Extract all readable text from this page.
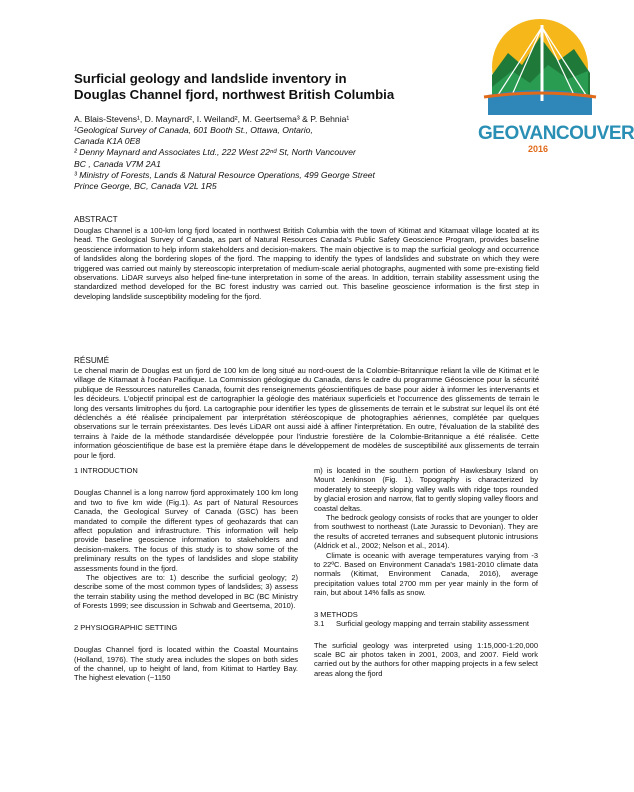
Surficial geology and landslide inventory in
Douglas Channel fjord, northwest British Columbia
A. Blais-Stevens¹, D. Maynard², I. Weiland², M. Geertsema³ & P. Behnia¹
¹Geological Survey of Canada, 601 Booth St., Ottawa, Ontario,
Canada K1A 0E8
² Denny Maynard and Associates Ltd., 222 West 22ⁿᵈ St, North Vancouver
BC , Canada V7M 2A1
³ Ministry of Forests, Lands & Natural Resource Operations, 499 George Street
Prince George, BC, Canada V2L 1R5
GEOVANCOUVER
2016
ABSTRACT
Douglas Channel is a 100-km long fjord located in northwest British Columbia with the town of Kitimat and Kitamaat village located at its head. The Geological Survey of Canada, as part of Natural Resources Canada's Public Safety Geoscience Program, provides baseline geoscience information to help inform stakeholders and decision-makers. The main objective is to map the surficial geology and occurrence of landslides along the bordering slopes of the fjord. The mapping to identify the types of landslides and substrate on which they were triggered was carried out mainly by stereoscopic interpretation of medium-scale aerial photographs, augmented with some pre-existing field observations. LiDAR surveys also helped fine-tune interpretation in some of the areas. In addition, terrain stability assessment using the standardized method developed for the BC forest industry was carried out. This baseline geoscience information is the first step in developing landslide susceptibility modeling for the fjord.
RÉSUMÉ
Le chenal marin de Douglas est un fjord de 100 km de long situé au nord-ouest de la Colombie-Britannique reliant la ville de Kitimat et le village de Kitamaat à l'océan Pacifique. La Commission géologique du Canada, dans le cadre du programme Géoscience pour la sécurité publique de Ressources naturelles Canada, fournit des renseignements géoscientifiques de base pour aider à informer les intervenants et les décideurs. L'objectif principal est de cartographier la géologie des matériaux superficiels et l'occurrence des glissements de terrain le long des versants limitrophes du fjord. La cartographie pour identifier les types de glissements de terrain et le substrat sur lequel ils ont été déclenchés a été réalisée principalement par interprétation stéréoscopique de photographies aériennes, complétée par quelques observations sur le terrain préexistantes. Des levés LiDAR ont aussi aidé à affiner l'interprétation. En outre, l'évaluation de la stabilité des terrains à l'aide de la méthode standardisée développée pour l'industrie forestière de la Colombie-Britannique a été réalisée. Cette information géoscientifique de base est la première étape dans le développement de modèles de susceptibilité aux glissements de terrain pour le fjord.

1 INTRODUCTION

Douglas Channel is a long narrow fjord approximately 100 km long and two to five km wide (Fig.1). As part of Natural Resources Canada, the Geological Survey of Canada (GSC) has been mandated to compile the different types of geohazards that can affect population and infrastructure. This information will help provide baseline geoscience information to stakeholders and decision-makers. The focus of this study is to show some of the preliminary results on the types of landslides and slope stability assessments found in the fjord.

The objectives are to: 1) describe the surficial geology; 2) describe some of the most common types of landslides; 3) assess the terrain stability using the method developed in BC (BC Ministry of Forests 1999; see discussion in Schwab and Geertsema, 2010).

2 PHYSIOGRAPHIC SETTING

Douglas Channel fjord is located within the Coastal Mountains (Holland, 1976). The study area includes the slopes on both sides of the channel, up to height of land, from Kitimat to Hartley Bay. The highest elevation (~1150

m) is located in the southern portion of Hawkesbury Island on Mount Jenkinson (Fig. 1). Topography is characterized by moderately to steeply sloping valley walls with ridge tops rounded by glacial erosion and narrow, flat to gently sloping valley floors and coastal deltas.

The bedrock geology consists of rocks that are younger to older from southwest to northeast (Late Jurassic to Devonian). They are the results of accreted terranes and subsequent plutonic intrusions (Aldrick et al., 2002; Nelson et al., 2014).

Climate is oceanic with average temperatures varying from -3 to 22ºC. Based on Environment Canada's 1981-2010 climate data normals (Kitimat, Environment Canada, 2016), average precipitation values total 2700 mm per year mainly in the form of rain, but about 14% falls as snow.

3 METHODS

3.1	Surficial geology mapping and terrain stability assessment

The surficial geology was interpreted using 1:15,000-1:20,000 scale BC air photos taken in 2001, 2003, and 2007. Field work carried out by the authors for other mapping projects in a few select areas along the fjord
